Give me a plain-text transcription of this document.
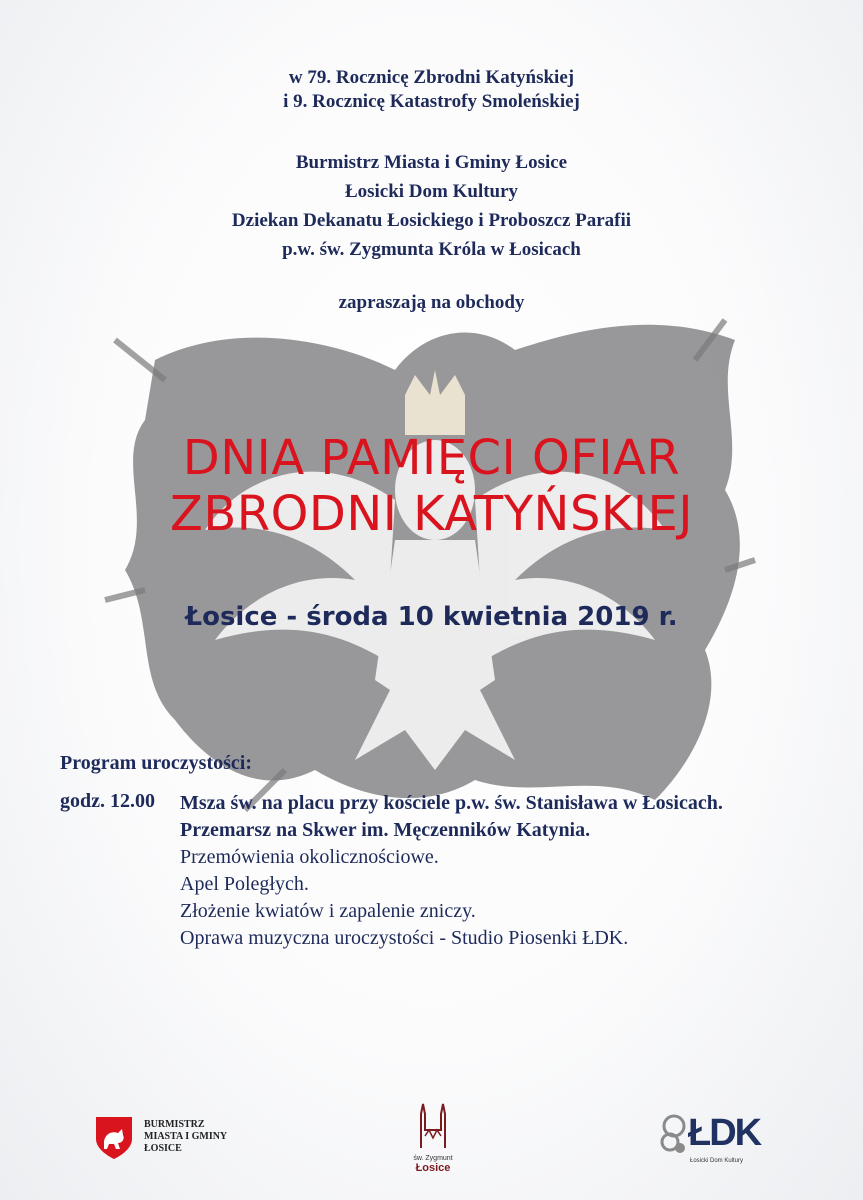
w 79. Rocznicę Zbrodni Katyńskiej
i 9. Rocznicę Katastrofy Smoleńskiej
Burmistrz Miasta i Gminy Łosice
Łosicki Dom Kultury
Dziekan Dekanatu Łosickiego i Proboszcz Parafii
p.w. św. Zygmunta Króla w Łosicach
zapraszają na obchody
DNIA PAMIĘCI OFIAR
ZBRODNI KATYŃSKIEJ
Łosice - środa 10 kwietnia 2019 r.
Program uroczystości:
godz. 12.00 Msza św. na placu przy kościele p.w. św. Stanisława w Łosicach.
Przemarsz na Skwer im. Męczenników Katynia.
Przemówienia okolicznościowe.
Apel Poległych.
Złożenie kwiatów i zapalenie zniczy.
Oprawa muzyczna uroczystości - Studio Piosenki ŁDK.
BURMISTRZ
MIASTA I GMINY
ŁOSICE
św. Zygmunt
Łosice
ŁDK
Łosicki Dom Kultury
